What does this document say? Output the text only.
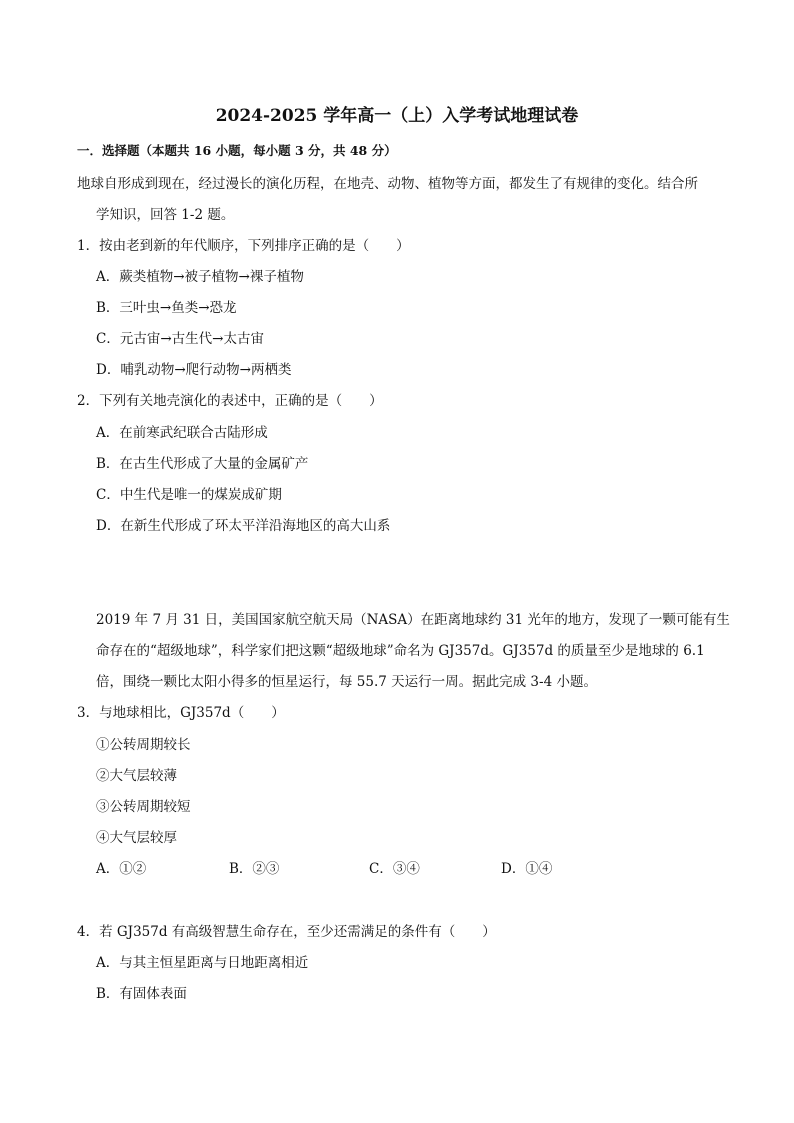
2024-2025 学年高一（上）入学考试地理试卷
一．选择题（本题共 16 小题，每小题 3 分，共 48 分）
地球自形成到现在，经过漫长的演化历程，在地壳、动物、植物等方面，都发生了有规律的变化。结合所
学知识，回答 1-2 题。
1．按由老到新的年代顺序，下列排序正确的是（　　）
A．蕨类植物→被子植物→裸子植物
B．三叶虫→鱼类→恐龙
C．元古宙→古生代→太古宙
D．哺乳动物→爬行动物→两栖类
2．下列有关地壳演化的表述中，正确的是（　　）
A．在前寒武纪联合古陆形成
B．在古生代形成了大量的金属矿产
C．中生代是唯一的煤炭成矿期
D．在新生代形成了环太平洋沿海地区的高大山系
2019 年 7 月 31 日，美国国家航空航天局（NASA）在距离地球约 31 光年的地方，发现了一颗可能有生
命存在的“超级地球”，科学家们把这颗“超级地球”命名为 GJ357d。GJ357d 的质量至少是地球的 6.1
倍，围绕一颗比太阳小得多的恒星运行，每 55.7 天运行一周。据此完成 3-4 小题。
3．与地球相比，GJ357d（　　）
①公转周期较长
②大气层较薄
③公转周期较短
④大气层较厚
A．①②	B．②③	C．③④	D．①④
4．若 GJ357d 有高级智慧生命存在，至少还需满足的条件有（　　）
A．与其主恒星距离与日地距离相近
B．有固体表面
